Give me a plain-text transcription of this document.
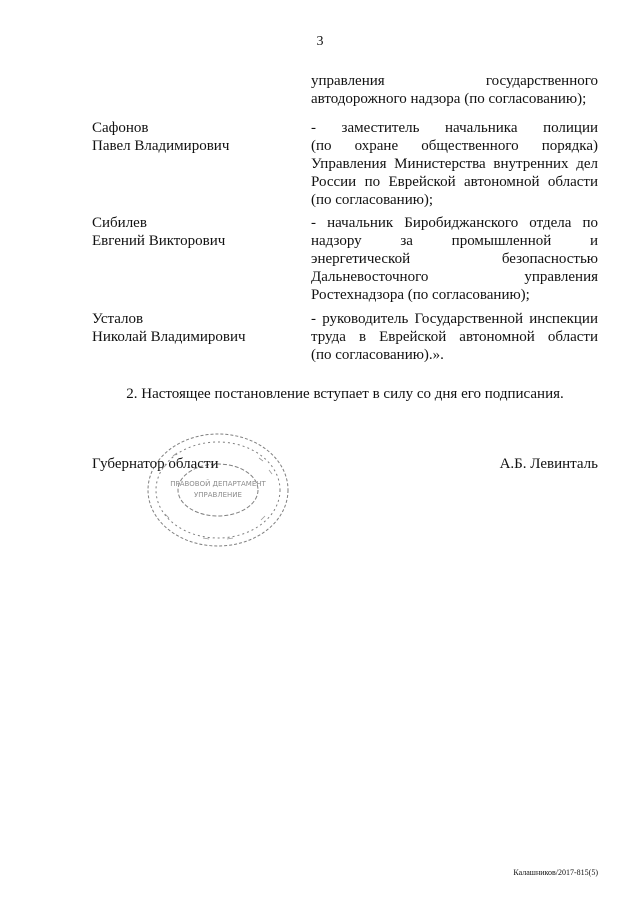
3
управления государственного
автодорожного надзора (по согласованию);
Сафонов
Павел Владимирович
- заместитель начальника полиции
(по охране общественного порядка)
Управления Министерства внутренних дел
России по Еврейской автономной области
(по согласованию);
Сибилев
Евгений Викторович
- начальник Биробиджанского отдела по
надзору за промышленной и
энергетической безопасностью
Дальневосточного управления
Ростехнадзора (по согласованию);
Усталов
Николай Владимирович
- руководитель Государственной инспекции
труда в Еврейской автономной области
(по согласованию).».
2. Настоящее постановление вступает в силу со дня его подписания.
ПРАВОВОЙ ДЕПАРТАМЕНТ
УПРАВЛЕНИЕ
Губернатор области	А.Б. Левинталь
Калашников/2017-815(5)
